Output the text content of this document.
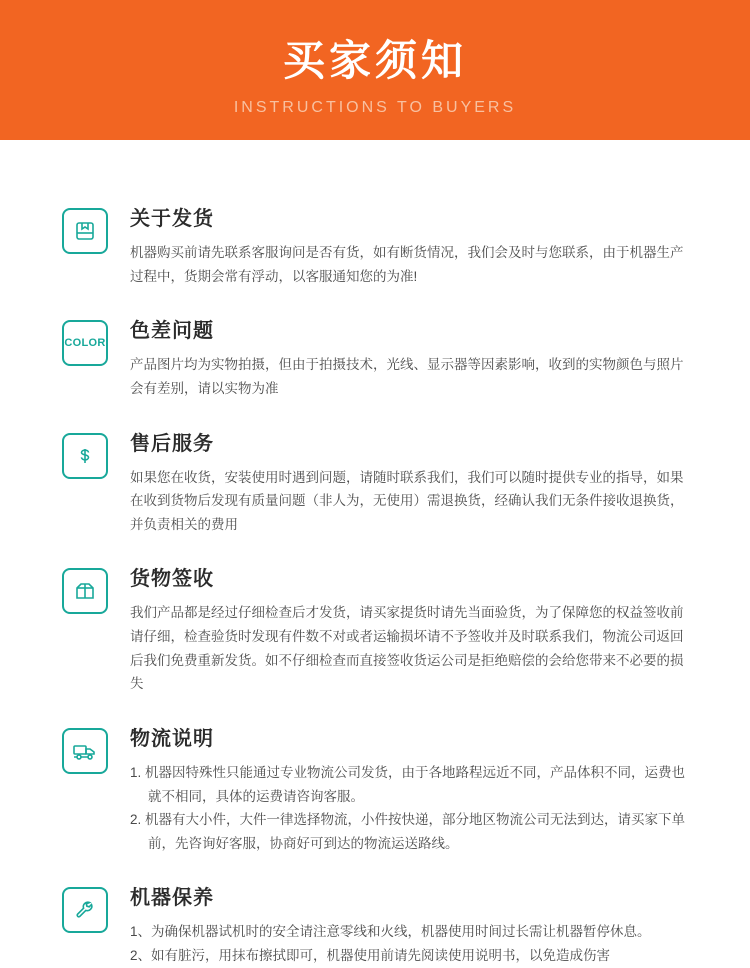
买家须知
INSTRUCTIONS TO BUYERS
关于发货

机器购买前请先联系客服询问是否有货，如有断货情况，我们会及时与您联系，由于机器生产过程中，货期会常有浮动，以客服通知您的为准!

COLOR
色差问题

产品图片均为实物拍摄，但由于拍摄技术，光线、显示器等因素影响，收到的实物颜色与照片会有差别，请以实物为准

售后服务

如果您在收货，安装使用时遇到问题，请随时联系我们，我们可以随时提供专业的指导，如果在收到货物后发现有质量问题（非人为，无使用）需退换货，经确认我们无条件接收退换货，并负责相关的费用

货物签收

我们产品都是经过仔细检查后才发货，请买家提货时请先当面验货，为了保障您的权益签收前请仔细，检查验货时发现有件数不对或者运输损坏请不予签收并及时联系我们，物流公司返回后我们免费重新发货。如不仔细检查而直接签收货运公司是拒绝赔偿的会给您带来不必要的损失

物流说明
1. 机器因特殊性只能通过专业物流公司发货，由于各地路程远近不同，产品体积不同，运费也就不相同，具体的运费请咨询客服。
2. 机器有大小件，大件一律选择物流，小件按快递，部分地区物流公司无法到达，请买家下单前，先咨询好客服，协商好可到达的物流运送路线。
机器保养
1、为确保机器试机时的安全请注意零线和火线，机器使用时间过长需让机器暂停休息。
2、如有脏污，用抹布擦拭即可，机器使用前请先阅读使用说明书，以免造成伤害
